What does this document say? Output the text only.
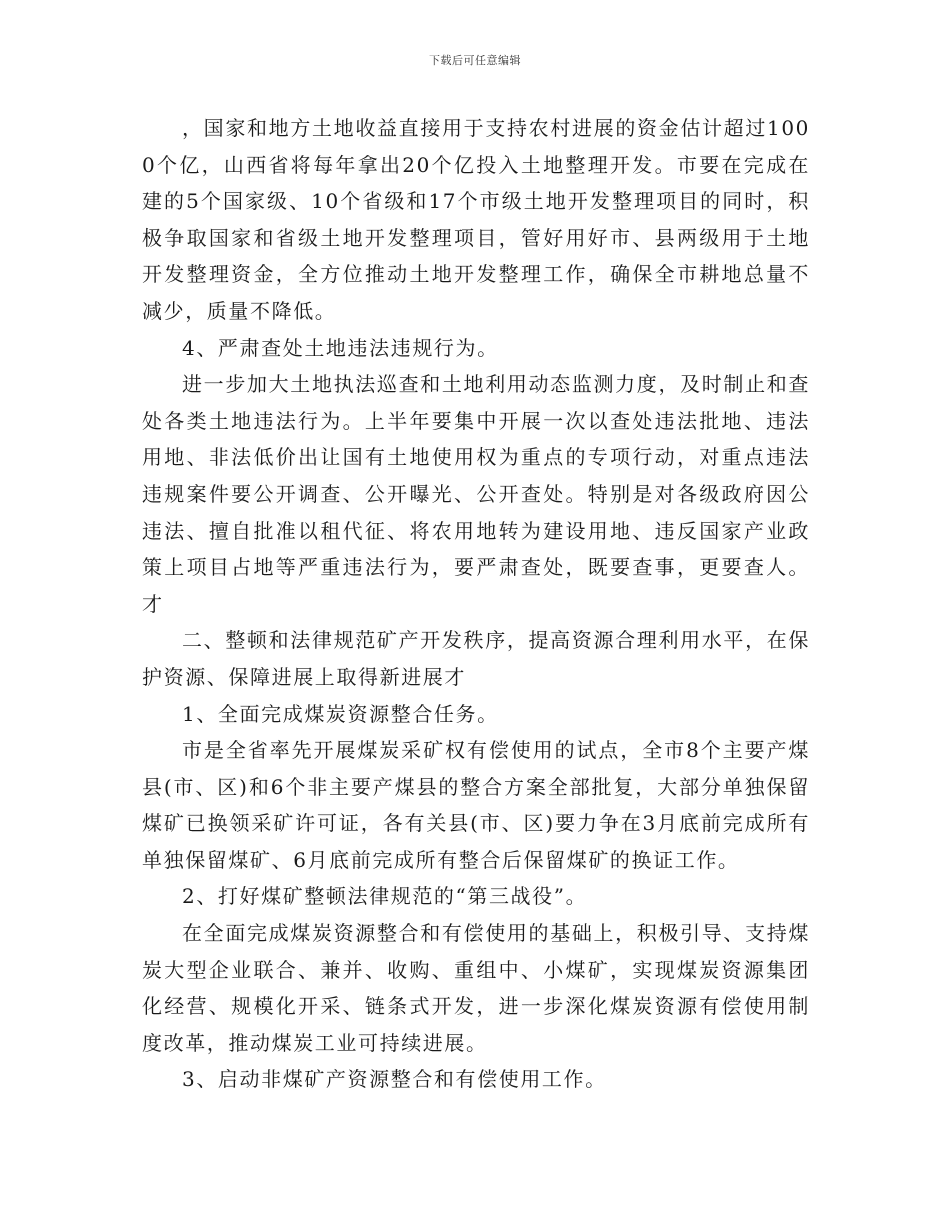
下载后可任意编辑

，国家和地方土地收益直接用于支持农村进展的资金估计超过1000个亿，山西省将每年拿出20个亿投入土地整理开发。市要在完成在建的5个国家级、10个省级和17个市级土地开发整理项目的同时，积极争取国家和省级土地开发整理项目，管好用好市、县两级用于土地开发整理资金，全方位推动土地开发整理工作，确保全市耕地总量不减少，质量不降低。

4、严肃查处土地违法违规行为。

进一步加大土地执法巡查和土地利用动态监测力度，及时制止和查处各类土地违法行为。上半年要集中开展一次以查处违法批地、违法用地、非法低价出让国有土地使用权为重点的专项行动，对重点违法违规案件要公开调查、公开曝光、公开查处。特别是对各级政府因公违法、擅自批准以租代征、将农用地转为建设用地、违反国家产业政策上项目占地等严重违法行为，要严肃查处，既要查事，更要查人。才

二、整顿和法律规范矿产开发秩序，提高资源合理利用水平，在保护资源、保障进展上取得新进展才

1、全面完成煤炭资源整合任务。

市是全省率先开展煤炭采矿权有偿使用的试点，全市8个主要产煤县(市、区)和6个非主要产煤县的整合方案全部批复，大部分单独保留煤矿已换领采矿许可证，各有关县(市、区)要力争在3月底前完成所有单独保留煤矿、6月底前完成所有整合后保留煤矿的换证工作。

2、打好煤矿整顿法律规范的“第三战役”。

在全面完成煤炭资源整合和有偿使用的基础上，积极引导、支持煤炭大型企业联合、兼并、收购、重组中、小煤矿，实现煤炭资源集团化经营、规模化开采、链条式开发，进一步深化煤炭资源有偿使用制度改革，推动煤炭工业可持续进展。

3、启动非煤矿产资源整合和有偿使用工作。
